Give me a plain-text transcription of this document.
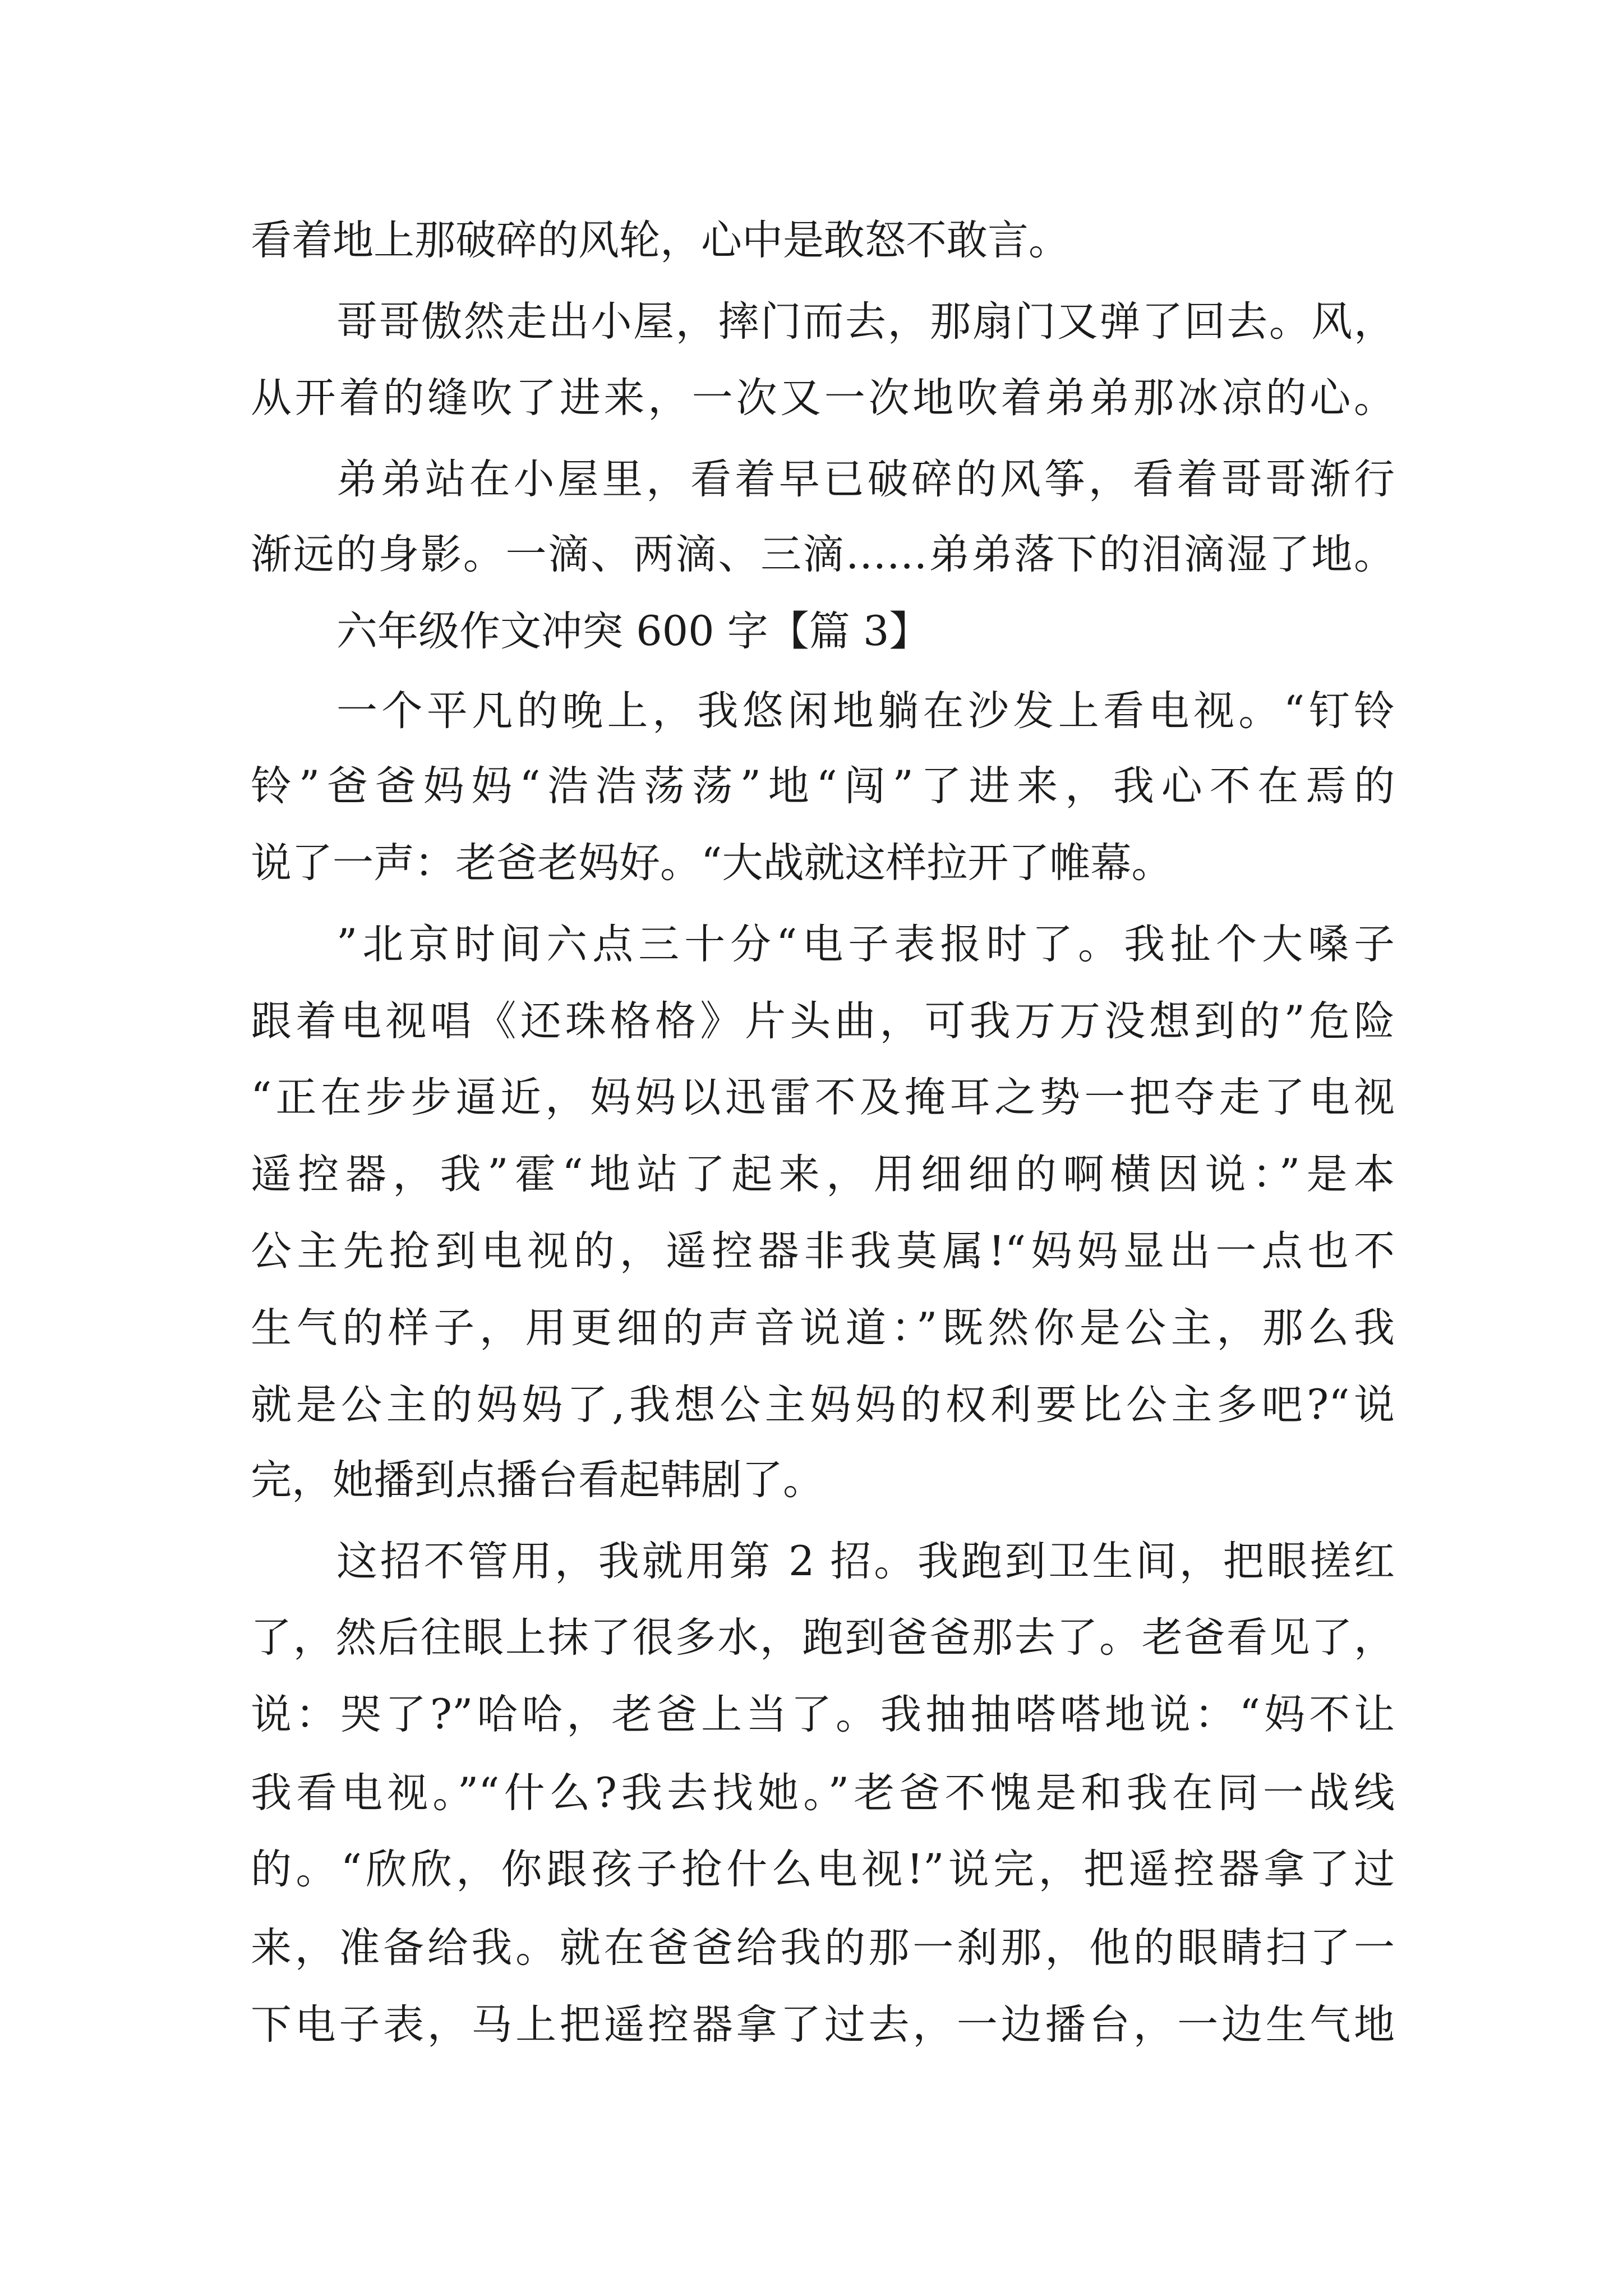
看着地上那破碎的风轮，心中是敢怒不敢言。

哥哥傲然走出小屋，摔门而去，那扇门又弹了回去。风，

从开着的缝吹了进来，一次又一次地吹着弟弟那冰凉的心。

弟弟站在小屋里，看着早已破碎的风筝，看着哥哥渐行

渐远的身影。一滴、两滴、三滴……弟弟落下的泪滴湿了地。

六年级作文冲突 600 字【篇 3】

一个平凡的晚上，我悠闲地躺在沙发上看电视。“钉铃

铃”爸爸妈妈“浩浩荡荡”地“闯”了进来，我心不在焉的

说了一声：老爸老妈好。“大战就这样拉开了帷幕。

”北京时间六点三十分“电子表报时了。我扯个大嗓子

跟着电视唱《还珠格格》片头曲，可我万万没想到的”危险

“正在步步逼近，妈妈以迅雷不及掩耳之势一把夺走了电视

遥控器，我”霍“地站了起来，用细细的啊横因说：”是本

公主先抢到电视的，遥控器非我莫属!“妈妈显出一点也不

生气的样子，用更细的声音说道：”既然你是公主，那么我

就是公主的妈妈了,我想公主妈妈的权利要比公主多吧?“说

完，她播到点播台看起韩剧了。

这招不管用，我就用第 2 招。我跑到卫生间，把眼搓红

了，然后往眼上抹了很多水，跑到爸爸那去了。老爸看见了，

说：哭了?”哈哈，老爸上当了。我抽抽嗒嗒地说：“妈不让

我看电视。”“什么?我去找她。”老爸不愧是和我在同一战线

的。“欣欣，你跟孩子抢什么电视!”说完，把遥控器拿了过

来，准备给我。就在爸爸给我的那一刹那，他的眼睛扫了一

下电子表，马上把遥控器拿了过去，一边播台，一边生气地
